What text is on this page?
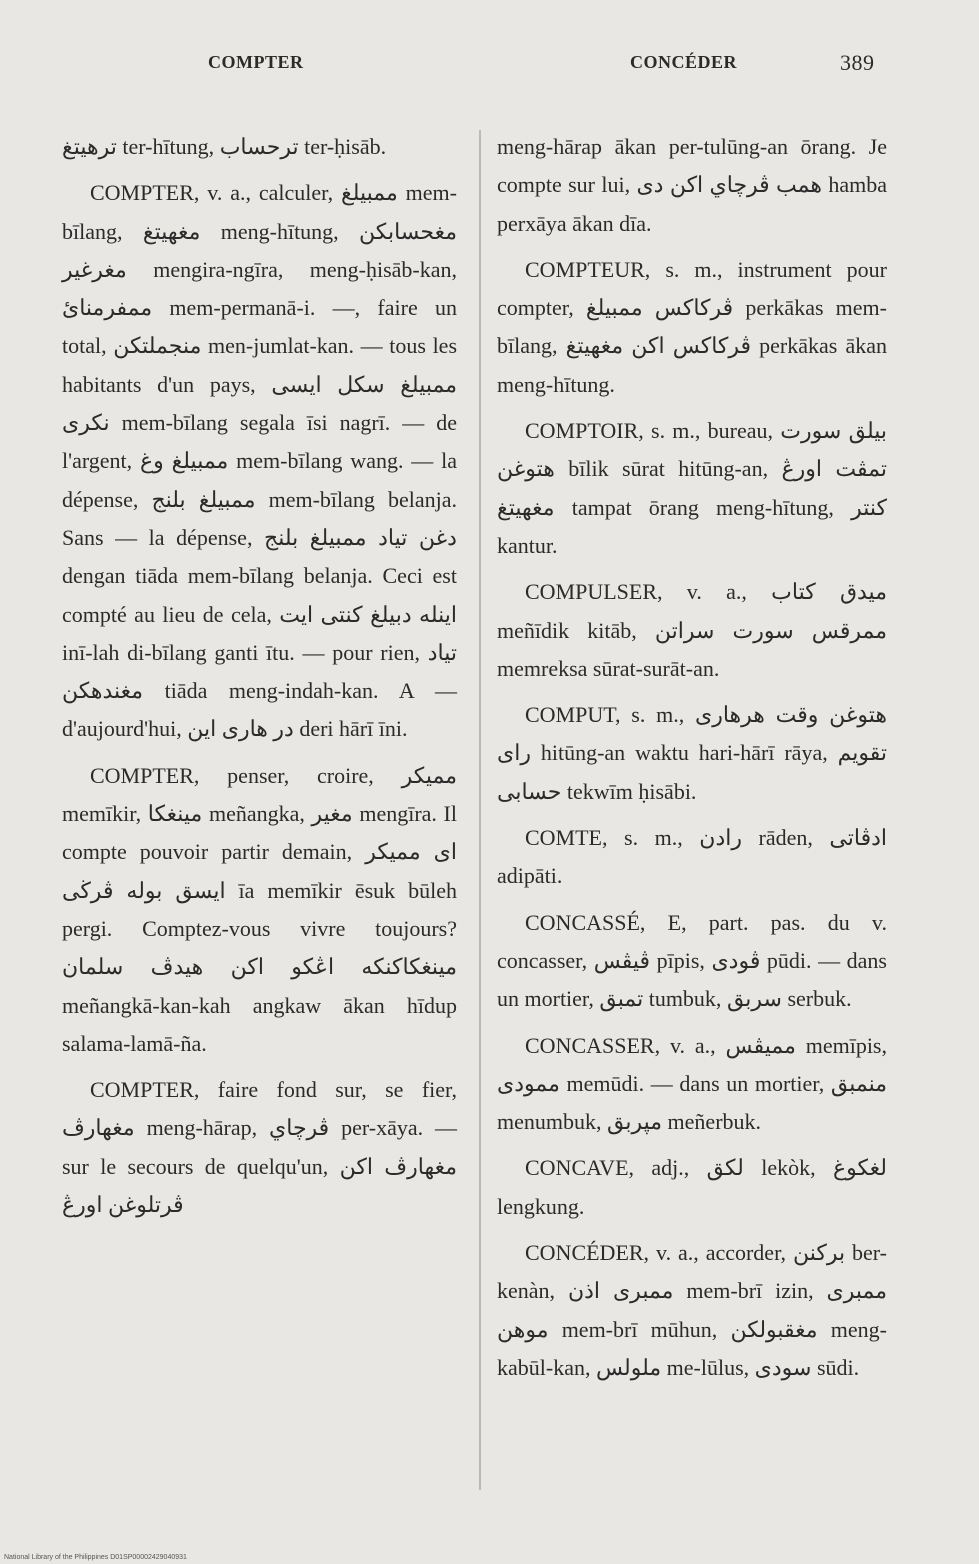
COMPTER	CONCÉDER	389

ترهيتغ ter-hītung, ترحساب ter-ḥisāb.

COMPTER, v. a., calculer, ممبيلغ mem-bīlang, مغهيتغ meng-hītung, مغحسابكن مغرغير mengira-ngīra, meng-ḥisāb-kan, ممفرمنائ mem-permanā-i. —, faire un total, منجملتكن men-jumlat-kan. — tous les habitants d'un pays, ممبيلغ سكل ايسى نكرى mem-bīlang segala īsi nagrī. — de l'argent, ممبيلغ وغ mem-bīlang wang. — la dépense, ممبيلغ بلنج mem-bīlang belanja. Sans — la dépense, دغن تياد ممبيلغ بلنج dengan tiāda mem-bīlang belanja. Ceci est compté au lieu de cela, اينله دبيلغ كنتى ايت inī-lah di-bīlang ganti ītu. — pour rien, تياد مغندهكن tiāda meng-indah-kan. A — d'aujourd'hui, در هارى اين deri hārī īni.

COMPTER, penser, croire, مميكر memīkir, مينغكا meñangka, مغير mengīra. Il compte pouvoir partir demain, اى مميكر ايسق بوله ڤرڬى īa memīkir ēsuk būleh pergi. Comptez-vous vivre toujours? مينغكاكنكه اڠكو اكن هيدڤ سلمان meñangkā-kan-kah angkaw ākan hīdup salama-lamā-ña.

COMPTER, faire fond sur, se fier, مغهارڤ meng-hārap, ڤرچاي per-xāya. — sur le secours de quelqu'un, مغهارڤ اكن ڤرتلوغن اورڠ

meng-hārap ākan per-tulūng-an ōrang. Je compte sur lui, همب ڤرچاي اكن دى hamba perxāya ākan dīa.

COMPTEUR, s. m., instrument pour compter, ڤركاكس ممبيلغ perkākas mem-bīlang, ڤركاكس اكن مغهيتغ perkākas ākan meng-hītung.

COMPTOIR, s. m., bureau, بيلق سورت هتوغن bīlik sūrat hitūng-an, تمڤت اورڠ مغهيتغ tampat ōrang meng-hītung, كنتر kantur.

COMPULSER, v. a., ميدق كتاب meñīdik kitāb, ممرقس سورت سراتن memreksa sūrat-surāt-an.

COMPUT, s. m., هتوغن وقت هرهارى راى hitūng-an waktu hari-hārī rāya, تقويم حسابى tekwīm ḥisābi.

COMTE, s. m., رادن rāden, ادڤاتى adipāti.

CONCASSÉ, E, part. pas. du v. concasser, ڤيڤس pīpis, ڤودى pūdi. — dans un mortier, تمبق tumbuk, سربق serbuk.

CONCASSER, v. a., مميڤس memīpis, ممودى memūdi. — dans un mortier, منمبق menumbuk, مپربق meñerbuk.

CONCAVE, adj., لكق lekòk, لغكوغ lengkung.

CONCÉDER, v. a., accorder, بركنن ber-kenàn, ممبرى اذن mem-brī izin, ممبرى موهن mem-brī mūhun, مغقبولكن meng-kabūl-kan, ملولس me-lūlus, سودى sūdi.

National Library of the Philippines D01SP00002429040931
